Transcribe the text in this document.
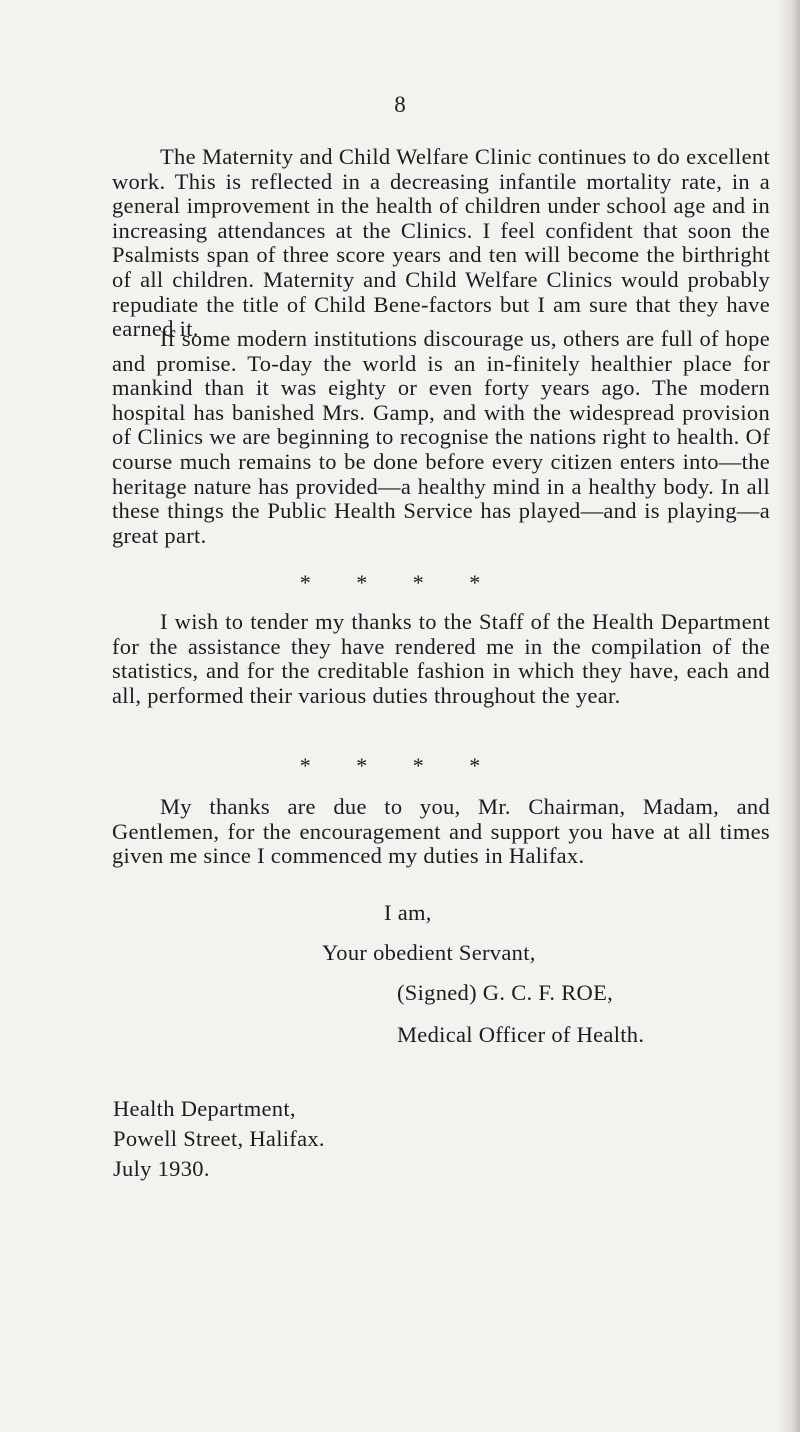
8

The Maternity and Child Welfare Clinic continues to do excellent work. This is reflected in a decreasing infantile mortality rate, in a general improvement in the health of children under school age and in increasing attendances at the Clinics. I feel confident that soon the Psalmists span of three score years and ten will become the birthright of all children. Maternity and Child Welfare Clinics would probably repudiate the title of Child Bene-factors but I am sure that they have earned it.

If some modern institutions discourage us, others are full of hope and promise. To-day the world is an in-finitely healthier place for mankind than it was eighty or even forty years ago. The modern hospital has banished Mrs. Gamp, and with the widespread provision of Clinics we are beginning to recognise the nations right to health. Of course much remains to be done before every citizen enters into—the heritage nature has provided—a healthy mind in a healthy body. In all these things the Public Health Service has played—and is playing—a great part.

* * * *

I wish to tender my thanks to the Staff of the Health Department for the assistance they have rendered me in the compilation of the statistics, and for the creditable fashion in which they have, each and all, performed their various duties throughout the year.

* * * *

My thanks are due to you, Mr. Chairman, Madam, and Gentlemen, for the encouragement and support you have at all times given me since I commenced my duties in Halifax.

I am,

Your obedient Servant,

(Signed) G. C. F. ROE,

Medical Officer of Health.

Health Department,

Powell Street, Halifax.

July 1930.
